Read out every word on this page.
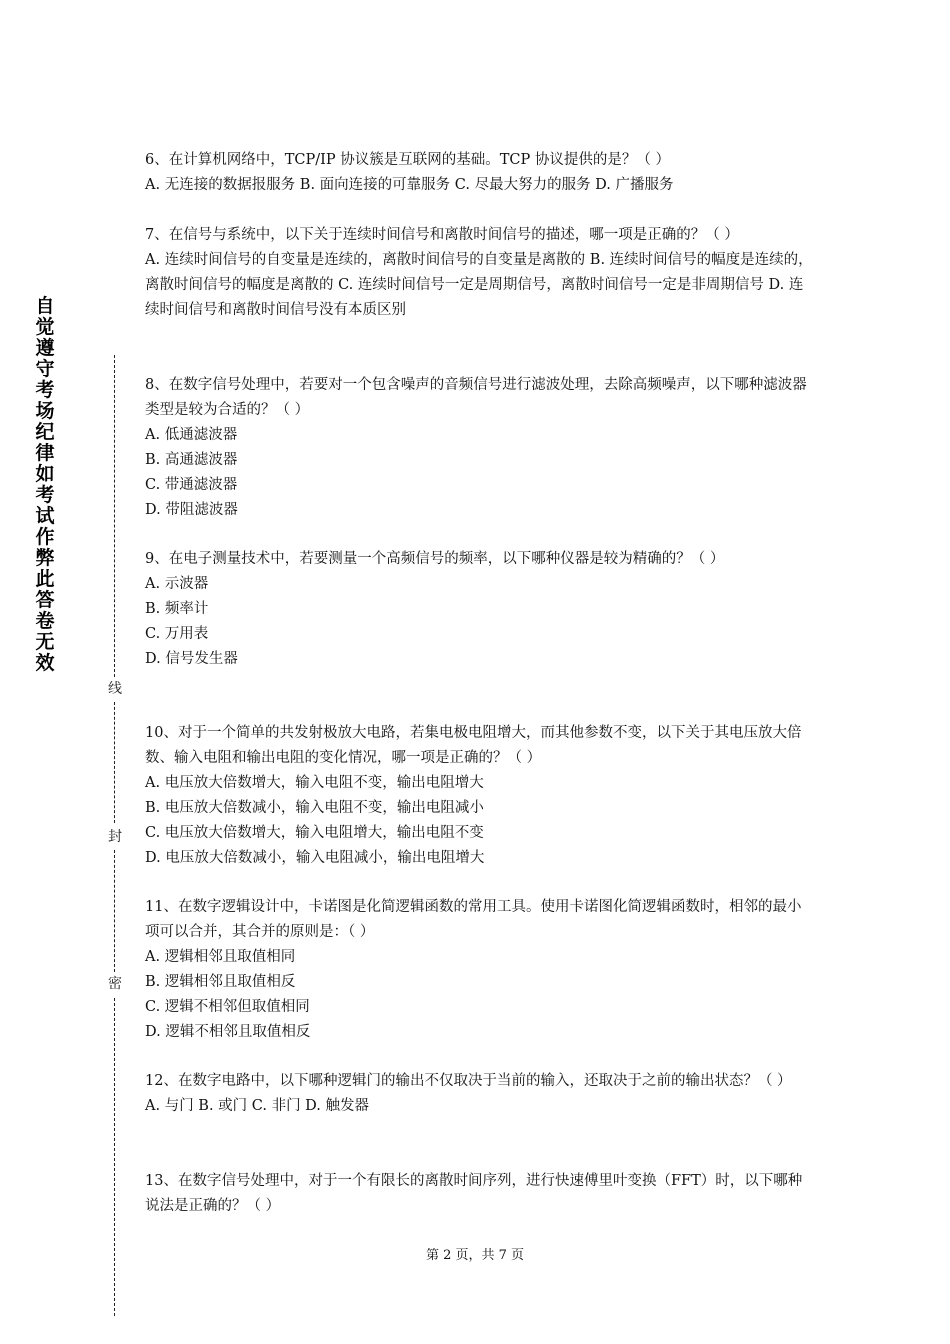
自觉遵守考场纪律如考试作弊此答卷无效
线
封
密

6、在计算机网络中，TCP/IP 协议簇是互联网的基础。TCP 协议提供的是？（ ）

A. 无连接的数据报服务 B. 面向连接的可靠服务 C. 尽最大努力的服务 D. 广播服务

7、在信号与系统中，以下关于连续时间信号和离散时间信号的描述，哪一项是正确的？（ ）

A. 连续时间信号的自变量是连续的，离散时间信号的自变量是离散的 B. 连续时间信号的幅度是连续的，离散时间信号的幅度是离散的 C. 连续时间信号一定是周期信号，离散时间信号一定是非周期信号 D. 连续时间信号和离散时间信号没有本质区别

8、在数字信号处理中，若要对一个包含噪声的音频信号进行滤波处理，去除高频噪声，以下哪种滤波器类型是较为合适的？（ ）

A. 低通滤波器

B. 高通滤波器

C. 带通滤波器

D. 带阻滤波器

9、在电子测量技术中，若要测量一个高频信号的频率，以下哪种仪器是较为精确的？（ ）

A. 示波器

B. 频率计

C. 万用表

D. 信号发生器

10、对于一个简单的共发射极放大电路，若集电极电阻增大，而其他参数不变，以下关于其电压放大倍数、输入电阻和输出电阻的变化情况，哪一项是正确的？（ ）

A. 电压放大倍数增大，输入电阻不变，输出电阻增大

B. 电压放大倍数减小，输入电阻不变，输出电阻减小

C. 电压放大倍数增大，输入电阻增大，输出电阻不变

D. 电压放大倍数减小，输入电阻减小，输出电阻增大

11、在数字逻辑设计中，卡诺图是化简逻辑函数的常用工具。使用卡诺图化简逻辑函数时，相邻的最小项可以合并，其合并的原则是：（ ）

A. 逻辑相邻且取值相同

B. 逻辑相邻且取值相反

C. 逻辑不相邻但取值相同

D. 逻辑不相邻且取值相反

12、在数字电路中，以下哪种逻辑门的输出不仅取决于当前的输入，还取决于之前的输出状态？（ ）

A. 与门 B. 或门 C. 非门 D. 触发器

13、在数字信号处理中，对于一个有限长的离散时间序列，进行快速傅里叶变换（FFT）时，以下哪种说法是正确的？（ ）

第 2 页，共 7 页
